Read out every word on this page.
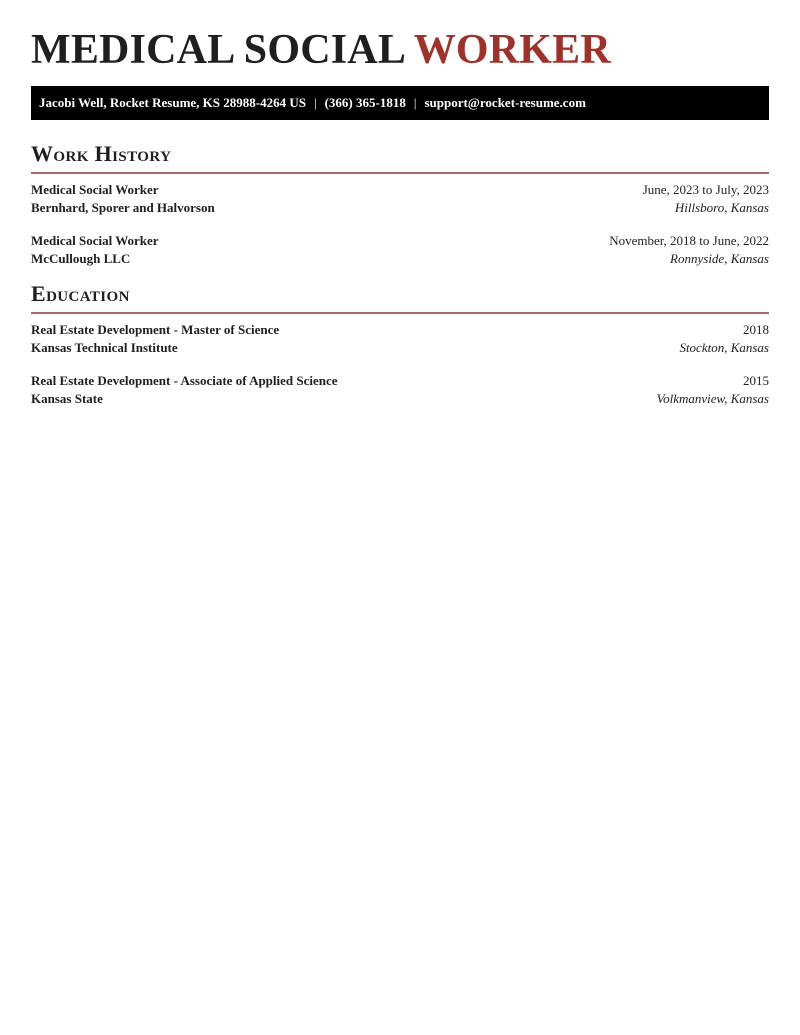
MEDICAL SOCIAL WORKER
Jacobi Well, Rocket Resume, KS 28988-4264 US | (366) 365-1818 | support@rocket-resume.com
Work History
Medical Social Worker	June, 2023 to July, 2023
Bernhard, Sporer and Halvorson	Hillsboro, Kansas
Medical Social Worker	November, 2018 to June, 2022
McCullough LLC	Ronnyside, Kansas
Education
Real Estate Development - Master of Science	2018
Kansas Technical Institute	Stockton, Kansas
Real Estate Development - Associate of Applied Science	2015
Kansas State	Volkmanview, Kansas
